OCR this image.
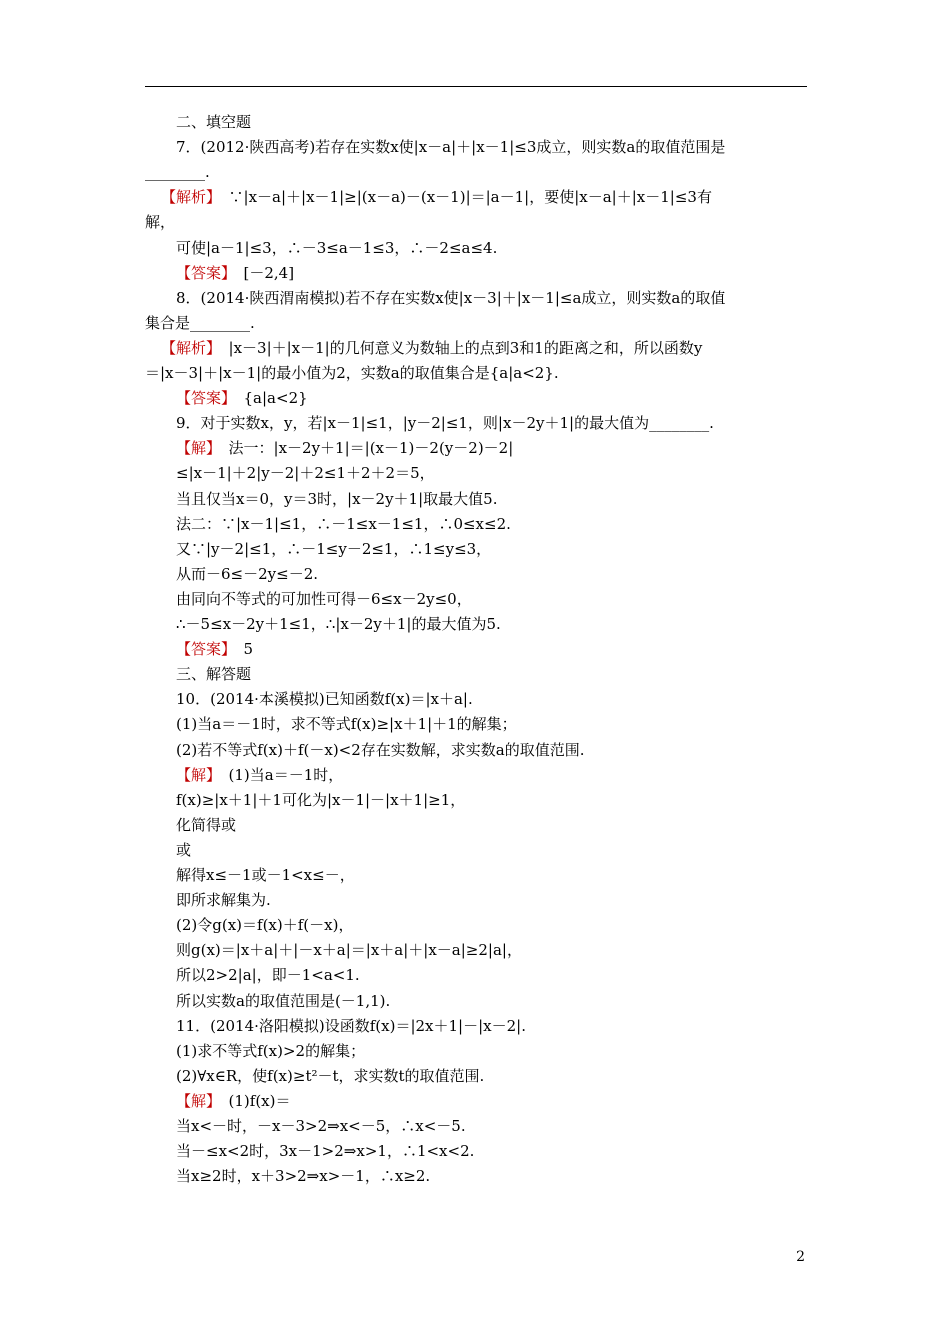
二、填空题
7．(2012·陕西高考)若存在实数x使|x－a|＋|x－1|≤3成立，则实数a的取值范围是
________.
【解析】　∵|x－a|＋|x－1|≥|(x－a)－(x－1)|＝|a－1|，要使|x－a|＋|x－1|≤3有
解，
可使|a－1|≤3，∴－3≤a－1≤3，∴－2≤a≤4.
【答案】　[－2,4]
8．(2014·陕西渭南模拟)若不存在实数x使|x－3|＋|x－1|≤a成立，则实数a的取值
集合是________.
【解析】　|x－3|＋|x－1|的几何意义为数轴上的点到3和1的距离之和，所以函数y
＝|x－3|＋|x－1|的最小值为2，实数a的取值集合是{a|a<2}.
【答案】　{a|a<2}
9．对于实数x，y，若|x－1|≤1，|y－2|≤1，则|x－2y＋1|的最大值为________.
【解】　法一：|x－2y＋1|＝|(x－1)－2(y－2)－2|
≤|x－1|＋2|y－2|＋2≤1＋2＋2＝5，
当且仅当x＝0，y＝3时，|x－2y＋1|取最大值5.
法二：∵|x－1|≤1，∴－1≤x－1≤1，∴0≤x≤2.
又∵|y－2|≤1，∴－1≤y－2≤1，∴1≤y≤3，
从而－6≤－2y≤－2.
由同向不等式的可加性可得－6≤x－2y≤0，
∴－5≤x－2y＋1≤1，∴|x－2y＋1|的最大值为5.
【答案】　5
三、解答题
10．(2014·本溪模拟)已知函数f(x)＝|x＋a|.
(1)当a＝－1时，求不等式f(x)≥|x＋1|＋1的解集；
(2)若不等式f(x)＋f(－x)<2存在实数解，求实数a的取值范围.
【解】　(1)当a＝－1时，
f(x)≥|x＋1|＋1可化为|x－1|－|x＋1|≥1，
化简得或
或
解得x≤－1或－1<x≤－，
即所求解集为.
(2)令g(x)＝f(x)＋f(－x)，
则g(x)＝|x＋a|＋|－x＋a|＝|x＋a|＋|x－a|≥2|a|，
所以2>2|a|，即－1<a<1.
所以实数a的取值范围是(－1,1).
11．(2014·洛阳模拟)设函数f(x)＝|2x＋1|－|x－2|.
(1)求不等式f(x)>2的解集；
(2)∀x∈R，使f(x)≥t²－t，求实数t的取值范围.
【解】　(1)f(x)＝
当x<－时，－x－3>2⇒x<－5，∴x<－5.
当－≤x<2时，3x－1>2⇒x>1，∴1<x<2.
当x≥2时，x＋3>2⇒x>－1，∴x≥2.
2
